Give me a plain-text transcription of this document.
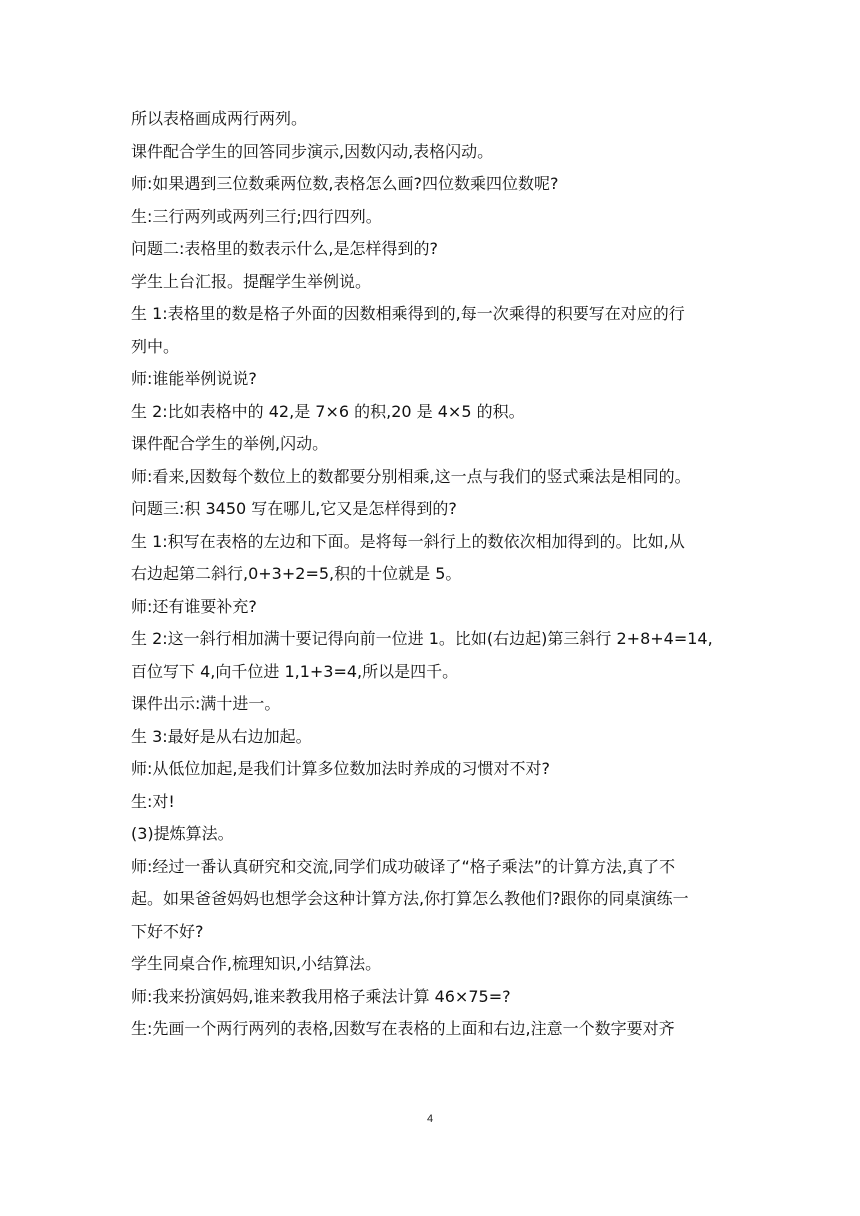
所以表格画成两行两列。

课件配合学生的回答同步演示,因数闪动,表格闪动。

师:如果遇到三位数乘两位数,表格怎么画?四位数乘四位数呢?

生:三行两列或两列三行;四行四列。

问题二:表格里的数表示什么,是怎样得到的?

学生上台汇报。提醒学生举例说。

生 1:表格里的数是格子外面的因数相乘得到的,每一次乘得的积要写在对应的行

列中。

师:谁能举例说说?

生 2:比如表格中的 42,是 7×6 的积,20 是 4×5 的积。

课件配合学生的举例,闪动。

师:看来,因数每个数位上的数都要分别相乘,这一点与我们的竖式乘法是相同的。

问题三:积 3450 写在哪儿,它又是怎样得到的?

生 1:积写在表格的左边和下面。是将每一斜行上的数依次相加得到的。比如,从

右边起第二斜行,0+3+2=5,积的十位就是 5。

师:还有谁要补充?

生 2:这一斜行相加满十要记得向前一位进 1。比如(右边起)第三斜行 2+8+4=14,

百位写下 4,向千位进 1,1+3=4,所以是四千。

课件出示:满十进一。

生 3:最好是从右边加起。

师:从低位加起,是我们计算多位数加法时养成的习惯对不对?

生:对!

(3)提炼算法。

师:经过一番认真研究和交流,同学们成功破译了“格子乘法”的计算方法,真了不

起。如果爸爸妈妈也想学会这种计算方法,你打算怎么教他们?跟你的同桌演练一

下好不好?

学生同桌合作,梳理知识,小结算法。

师:我来扮演妈妈,谁来教我用格子乘法计算 46×75=?

生:先画一个两行两列的表格,因数写在表格的上面和右边,注意一个数字要对齐

4
